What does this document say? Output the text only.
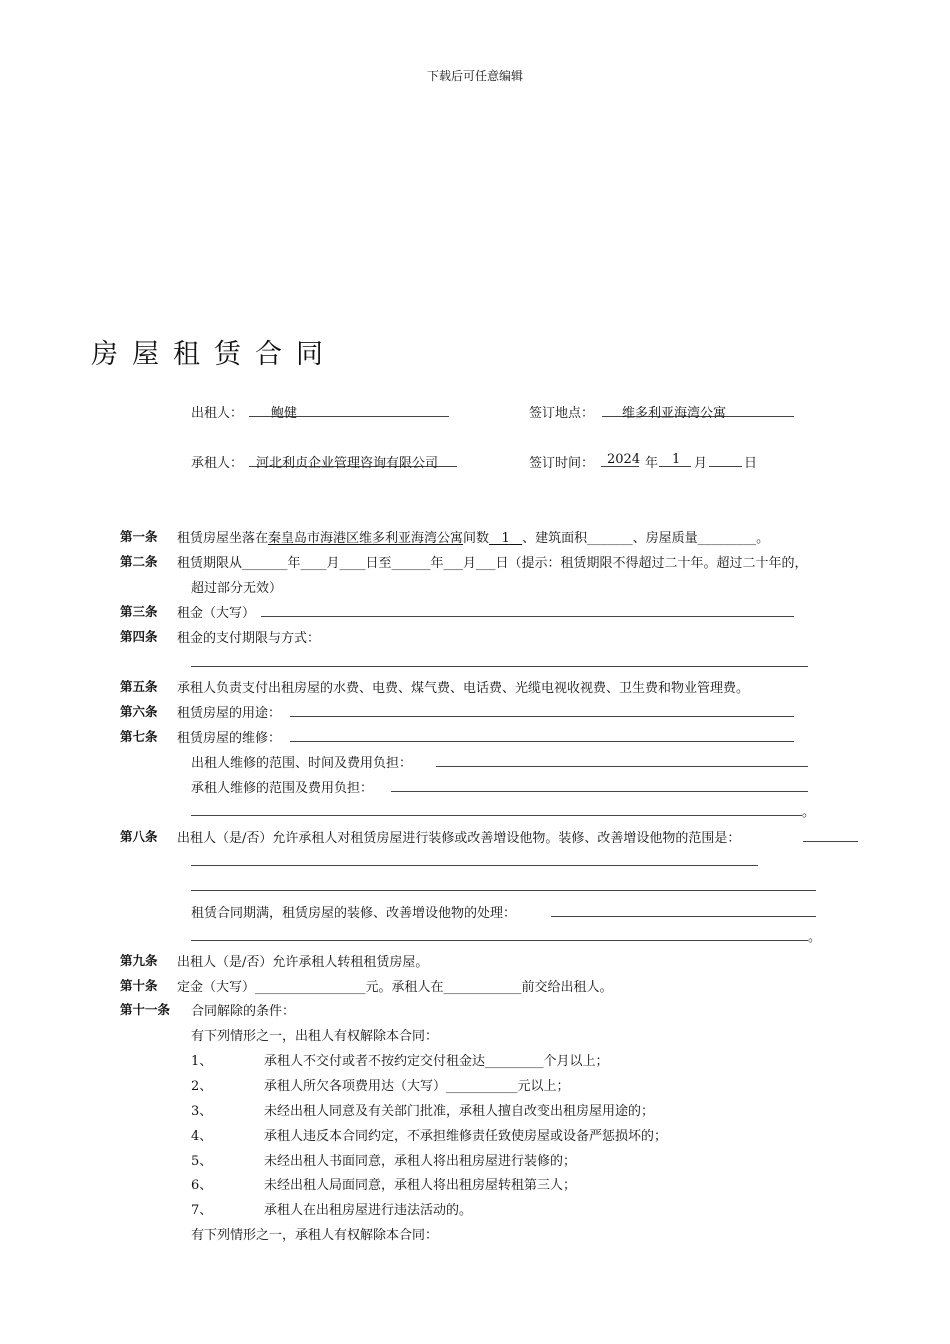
下载后可任意编辑
房屋租赁合同
出租人： 鲍健	签订地点： 维多利亚海湾公寓
承租人： 河北利贞企业管理咨询有限公司	签订时间： 2024 年 1 月	日
第一条 租赁房屋坐落在秦皇岛市海港区维多利亚海湾公寓间数 1 、建筑面积_______、房屋质量_________。
第二条 租赁期限从_______年____月____日至______年___月___日（提示：租赁期限不得超过二十年。超过二十年的，
超过部分无效）
第三条 租金（大写）
第四条 租金的支付期限与方式：
第五条 承租人负责支付出租房屋的水费、电费、煤气费、电话费、光缆电视收视费、卫生费和物业管理费。
第六条 租赁房屋的用途：
第七条 租赁房屋的维修：
出租人维修的范围、时间及费用负担：
承租人维修的范围及费用负担：
。
第八条 出租人（是/否）允许承租人对租赁房屋进行装修或改善增设他物。装修、改善增设他物的范围是：
租赁合同期满，租赁房屋的装修、改善增设他物的处理：
。
第九条 出租人（是/否）允许承租人转租租赁房屋。
第十条 定金（大写）_________________元。承租人在____________前交给出租人。
第十一条 合同解除的条件：
有下列情形之一，出租人有权解除本合同：
1、	承租人不交付或者不按约定交付租金达_________个月以上；
2、	承租人所欠各项费用达（大写）___________元以上；
3、	未经出租人同意及有关部门批准，承租人擅自改变出租房屋用途的；
4、	承租人违反本合同约定，不承担维修责任致使房屋或设备严惩损坏的；
5、	未经出租人书面同意，承租人将出租房屋进行装修的；
6、	未经出租人局面同意，承租人将出租房屋转租第三人；
7、	承租人在出租房屋进行违法活动的。
有下列情形之一，承租人有权解除本合同：
